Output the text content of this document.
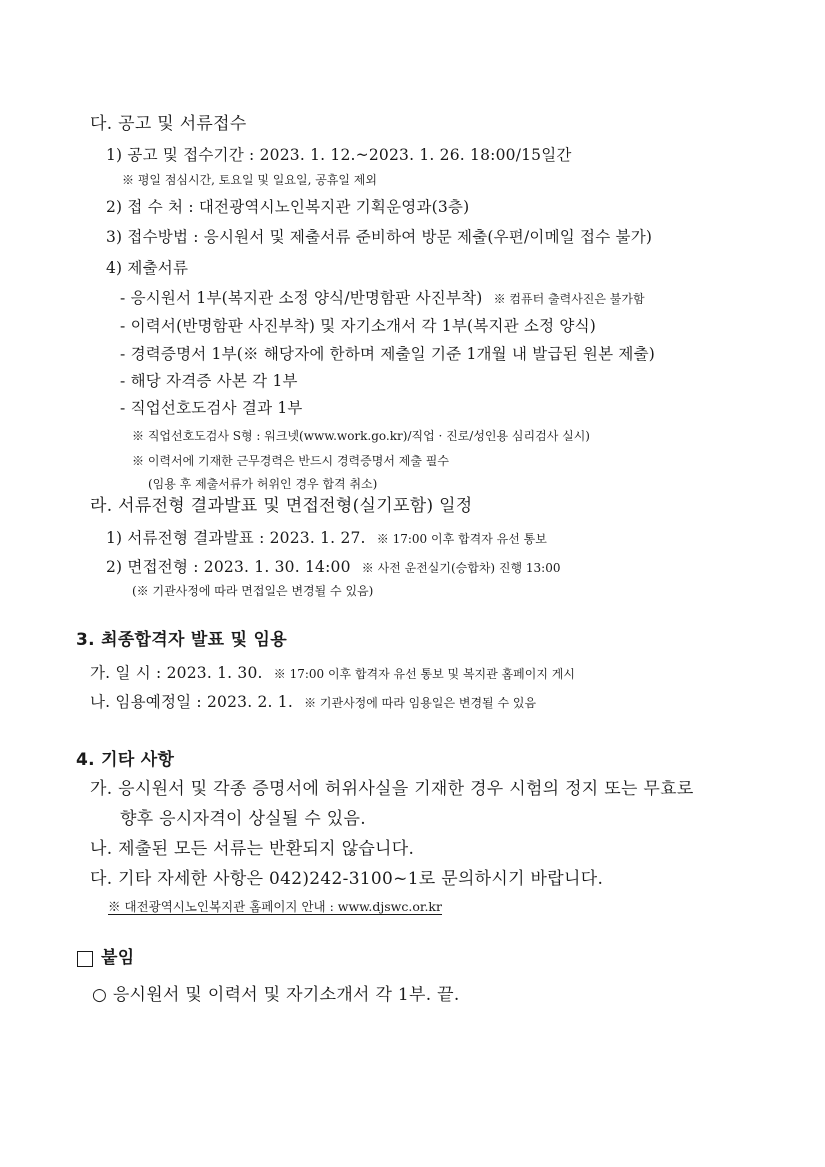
다. 공고 및 서류접수
1) 공고 및 접수기간 : 2023. 1. 12.~2023. 1. 26. 18:00/15일간
※ 평일 점심시간, 토요일 및 일요일, 공휴일 제외
2) 접 수 처 : 대전광역시노인복지관 기획운영과(3층)
3) 접수방법 : 응시원서 및 제출서류 준비하여 방문 제출(우편/이메일 접수 불가)
4) 제출서류
- 응시원서 1부(복지관 소정 양식/반명함판 사진부착) ※ 컴퓨터 출력사진은 불가함
- 이력서(반명함판 사진부착) 및 자기소개서 각 1부(복지관 소정 양식)
- 경력증명서 1부(※ 해당자에 한하며 제출일 기준 1개월 내 발급된 원본 제출)
- 해당 자격증 사본 각 1부
- 직업선호도검사 결과 1부
※ 직업선호도검사 S형 : 워크넷(www.work.go.kr)/직업 · 진로/성인용 심리검사 실시)
※ 이력서에 기재한 근무경력은 반드시 경력증명서 제출 필수
(임용 후 제출서류가 허위인 경우 합격 취소)
라. 서류전형 결과발표 및 면접전형(실기포함) 일정
1) 서류전형 결과발표 : 2023. 1. 27. ※ 17:00 이후 합격자 유선 통보
2) 면접전형 : 2023. 1. 30. 14:00 ※ 사전 운전실기(승합차) 진행 13:00
(※ 기관사정에 따라 면접일은 변경될 수 있음)
3. 최종합격자 발표 및 임용
가. 일 시 : 2023. 1. 30. ※ 17:00 이후 합격자 유선 통보 및 복지관 홈페이지 게시
나. 임용예정일 : 2023. 2. 1. ※ 기관사정에 따라 임용일은 변경될 수 있음
4. 기타 사항
가. 응시원서 및 각종 증명서에 허위사실을 기재한 경우 시험의 정지 또는 무효로
향후 응시자격이 상실될 수 있음.
나. 제출된 모든 서류는 반환되지 않습니다.
다. 기타 자세한 사항은 042)242-3100~1로 문의하시기 바랍니다.
※ 대전광역시노인복지관 홈페이지 안내 : www.djswc.or.kr
붙임
○ 응시원서 및 이력서 및 자기소개서 각 1부. 끝.
